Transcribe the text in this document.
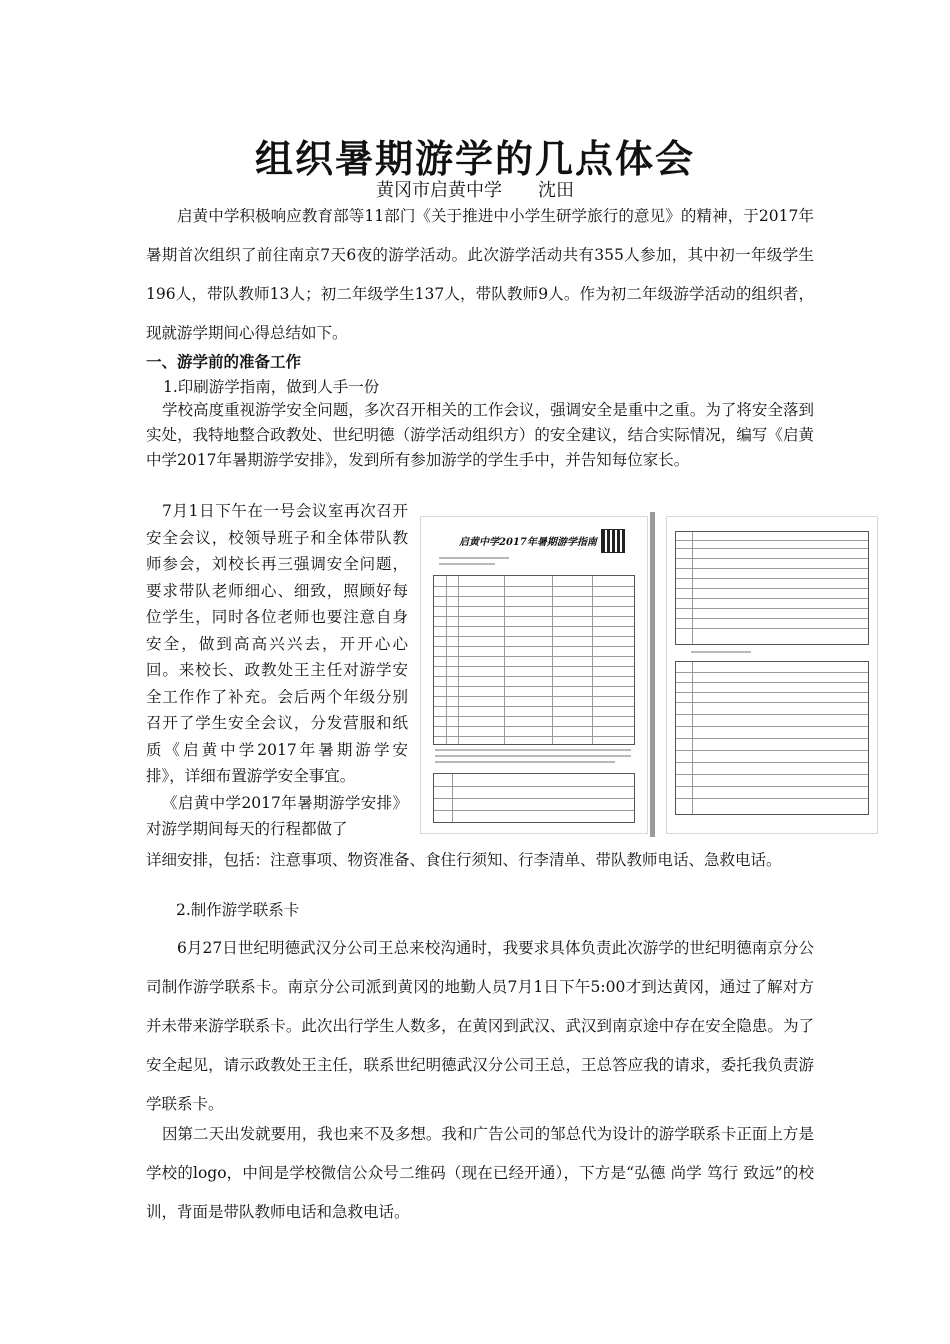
组织暑期游学的几点体会
黄冈市启黄中学 沈田
启黄中学积极响应教育部等11部门《关于推进中小学生研学旅行的意见》的精神，于2017年暑期首次组织了前往南京7天6夜的游学活动。此次游学活动共有355人参加，其中初一年级学生196人，带队教师13人；初二年级学生137人，带队教师9人。作为初二年级游学活动的组织者，现就游学期间心得总结如下。
一、游学前的准备工作
1.印刷游学指南，做到人手一份
学校高度重视游学安全问题，多次召开相关的工作会议，强调安全是重中之重。为了将安全落到实处，我特地整合政教处、世纪明德（游学活动组织方）的安全建议，结合实际情况，编写《启黄中学2017年暑期游学安排》，发到所有参加游学的学生手中，并告知每位家长。
7月1日下午在一号会议室再次召开安全会议，校领导班子和全体带队教师参会，刘校长再三强调安全问题，要求带队老师细心、细致，照顾好每位学生，同时各位老师也要注意自身安全，做到高高兴兴去，开开心心回。来校长、政教处王主任对游学安全工作作了补充。会后两个年级分别召开了学生安全会议，分发营服和纸质《启黄中学2017年暑期游学安排》，详细布置游学安全事宜。
《启黄中学2017年暑期游学安排》对游学期间每天的行程都做了
启黄中学2017年暑期游学指南
详细安排，包括：注意事项、物资准备、食住行须知、行李清单、带队教师电话、急救电话。
2.制作游学联系卡
6月27日世纪明德武汉分公司王总来校沟通时，我要求具体负责此次游学的世纪明德南京分公司制作游学联系卡。南京分公司派到黄冈的地勤人员7月1日下午5:00才到达黄冈，通过了解对方并未带来游学联系卡。此次出行学生人数多，在黄冈到武汉、武汉到南京途中存在安全隐患。为了安全起见，请示政教处王主任，联系世纪明德武汉分公司王总，王总答应我的请求，委托我负责游学联系卡。
因第二天出发就要用，我也来不及多想。我和广告公司的邹总代为设计的游学联系卡正面上方是学校的logo，中间是学校微信公众号二维码（现在已经开通），下方是“弘德 尚学 笃行 致远”的校训，背面是带队教师电话和急救电话。
